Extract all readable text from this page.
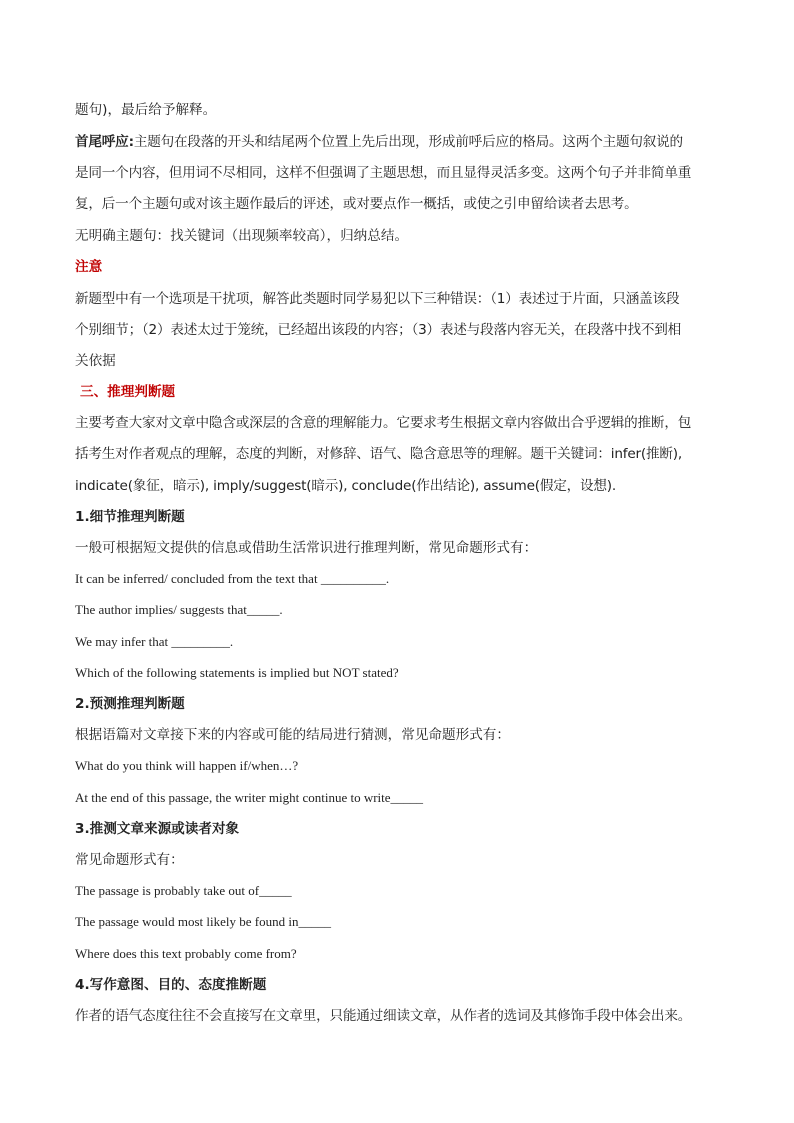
题句)，最后给予解释。
首尾呼应:主题句在段落的开头和结尾两个位置上先后出现，形成前呼后应的格局。这两个主题句叙说的
是同一个内容，但用词不尽相同，这样不但强调了主题思想，而且显得灵活多变。这两个句子并非简单重
复，后一个主题句或对该主题作最后的评述，或对要点作一概括，或使之引申留给读者去思考。
无明确主题句：找关键词（出现频率较高），归纳总结。
注意
新题型中有一个选项是干扰项，解答此类题时同学易犯以下三种错误：（1）表述过于片面，只涵盖该段
个别细节；（2）表述太过于笼统，已经超出该段的内容；（3）表述与段落内容无关，在段落中找不到相
关依据
三、推理判断题
主要考查大家对文章中隐含或深层的含意的理解能力。它要求考生根据文章内容做出合乎逻辑的推断，包
括考生对作者观点的理解，态度的判断，对修辞、语气、隐含意思等的理解。题干关键词：infer(推断),
indicate(象征，暗示), imply/suggest(暗示), conclude(作出结论), assume(假定，设想).
1.细节推理判断题
一般可根据短文提供的信息或借助生活常识进行推理判断，常见命题形式有：
It can be inferred/ concluded from the text that __________.
The author implies/ suggests that_____.
We may infer that _________.
Which of the following statements is implied but NOT stated?
2.预测推理判断题
根据语篇对文章接下来的内容或可能的结局进行猜测，常见命题形式有：
What do you think will happen if/when…?
At the end of this passage, the writer might continue to write_____
3.推测文章来源或读者对象
常见命题形式有：
The passage is probably take out of_____
The passage would most likely be found in_____
Where does this text probably come from?
4.写作意图、目的、态度推断题
作者的语气态度往往不会直接写在文章里，只能通过细读文章，从作者的选词及其修饰手段中体会出来。
